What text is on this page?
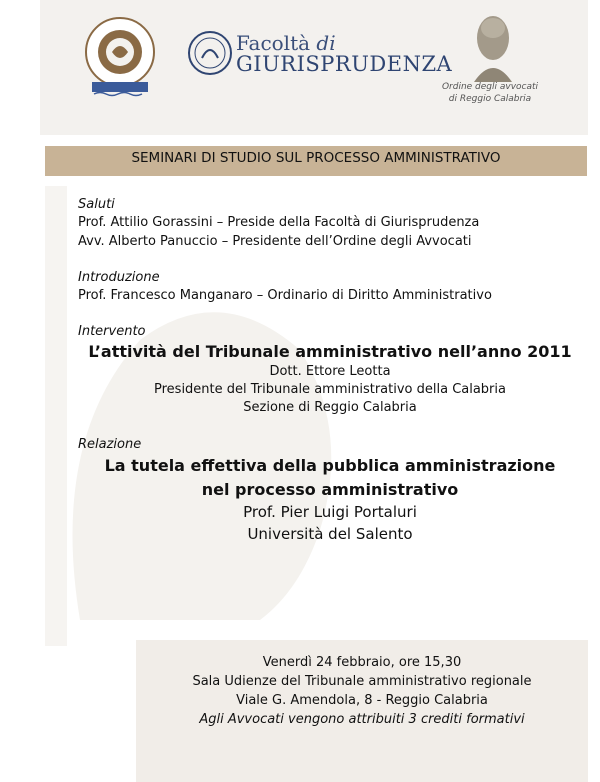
Facoltà di
GIURISPRUDENZA
Ordine degli avvocati
di Reggio Calabria
SEMINARI DI STUDIO SUL PROCESSO AMMINISTRATIVO
Saluti
Prof. Attilio Gorassini – Preside della Facoltà di Giurisprudenza
Avv. Alberto Panuccio – Presidente dell’Ordine degli Avvocati
Introduzione
Prof. Francesco Manganaro – Ordinario di Diritto Amministrativo
Intervento
L’attività del Tribunale amministrativo nell’anno 2011
Dott. Ettore Leotta
Presidente del Tribunale amministrativo della Calabria
Sezione di Reggio Calabria
Relazione
La tutela effettiva della pubblica amministrazione
nel processo amministrativo
Prof. Pier Luigi Portaluri
Università del Salento
Venerdì 24 febbraio, ore 15,30
Sala Udienze del Tribunale amministrativo regionale
Viale G. Amendola, 8 - Reggio Calabria
Agli Avvocati vengono attribuiti 3 crediti formativi
